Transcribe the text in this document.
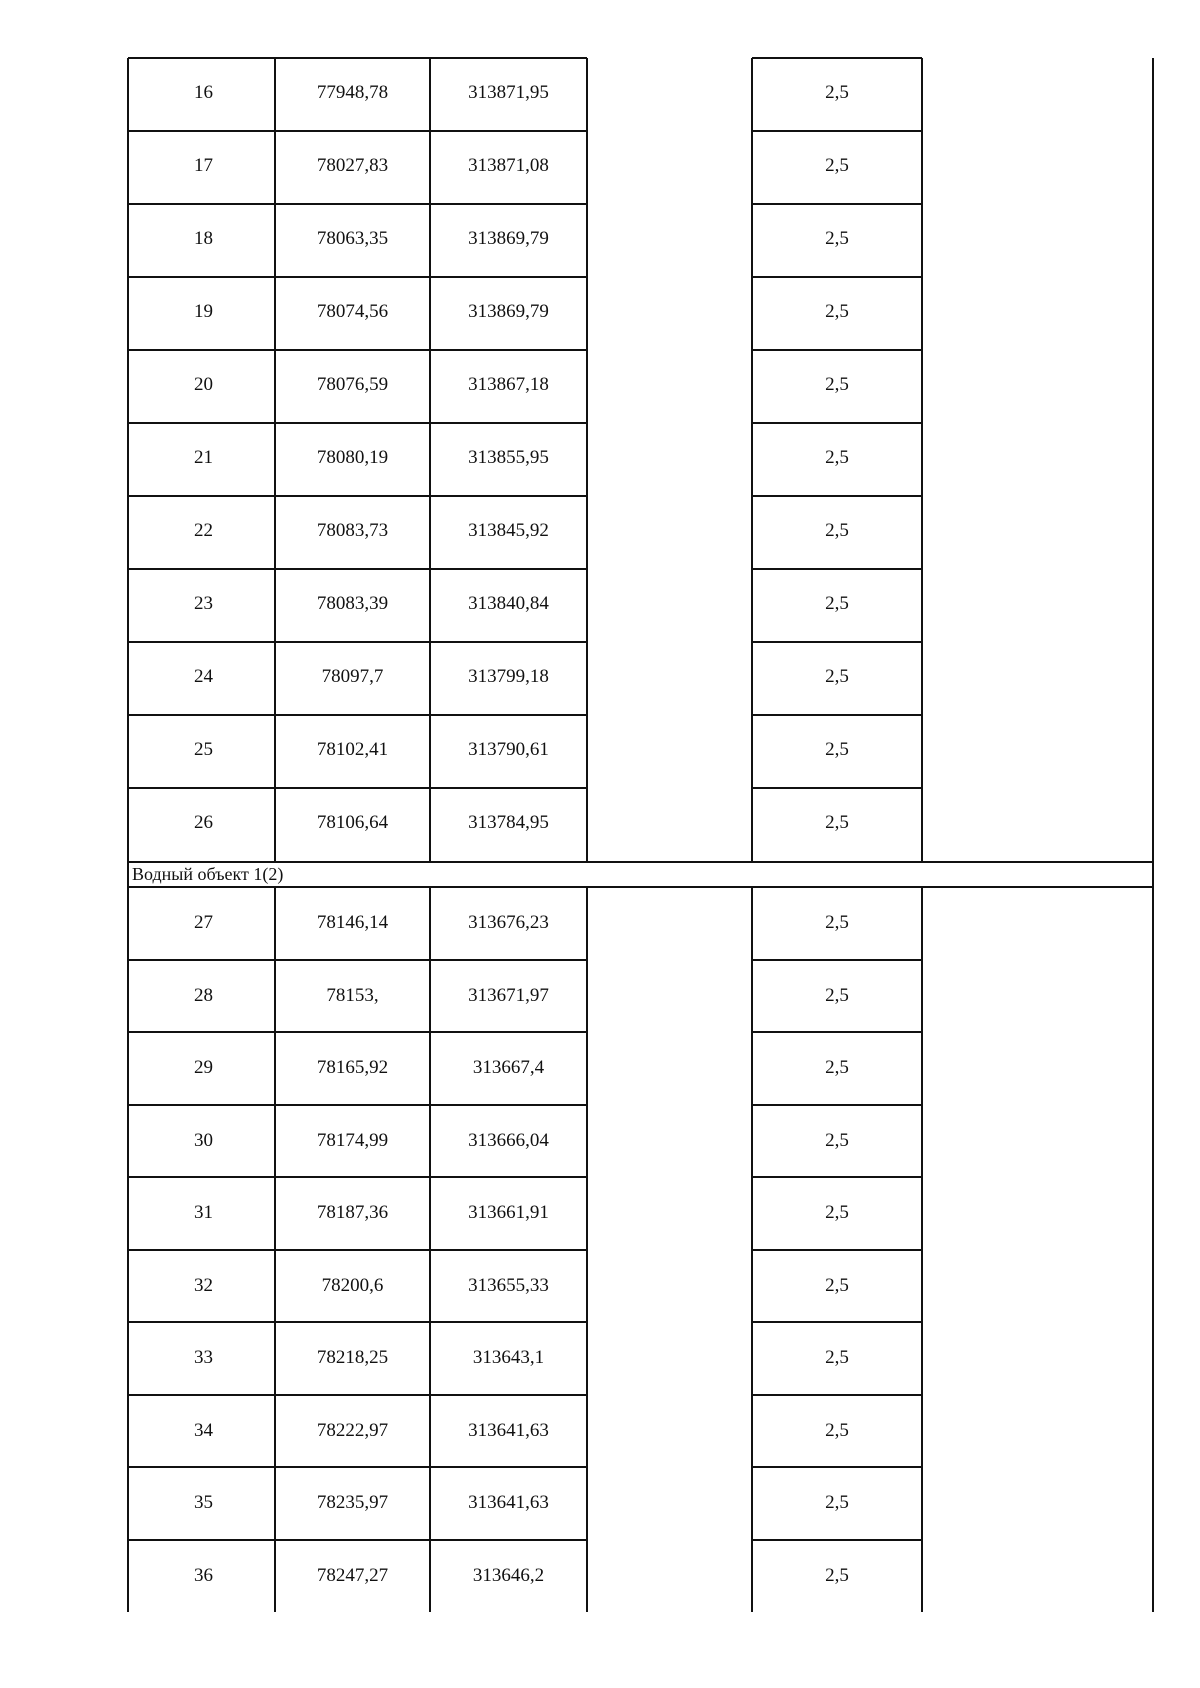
16	77948,78	313871,95	2,5
17	78027,83	313871,08	2,5
18	78063,35	313869,79	2,5
19	78074,56	313869,79	2,5
20	78076,59	313867,18	2,5
21	78080,19	313855,95	2,5
22	78083,73	313845,92	2,5
23	78083,39	313840,84	2,5
24	78097,7	313799,18	2,5
25	78102,41	313790,61	2,5
26	78106,64	313784,95	2,5
Водный объект 1(2)
27	78146,14	313676,23	2,5
28	78153,	313671,97	2,5
29	78165,92	313667,4	2,5
30	78174,99	313666,04	2,5
31	78187,36	313661,91	2,5
32	78200,6	313655,33	2,5
33	78218,25	313643,1	2,5
34	78222,97	313641,63	2,5
35	78235,97	313641,63	2,5
36	78247,27	313646,2	2,5
